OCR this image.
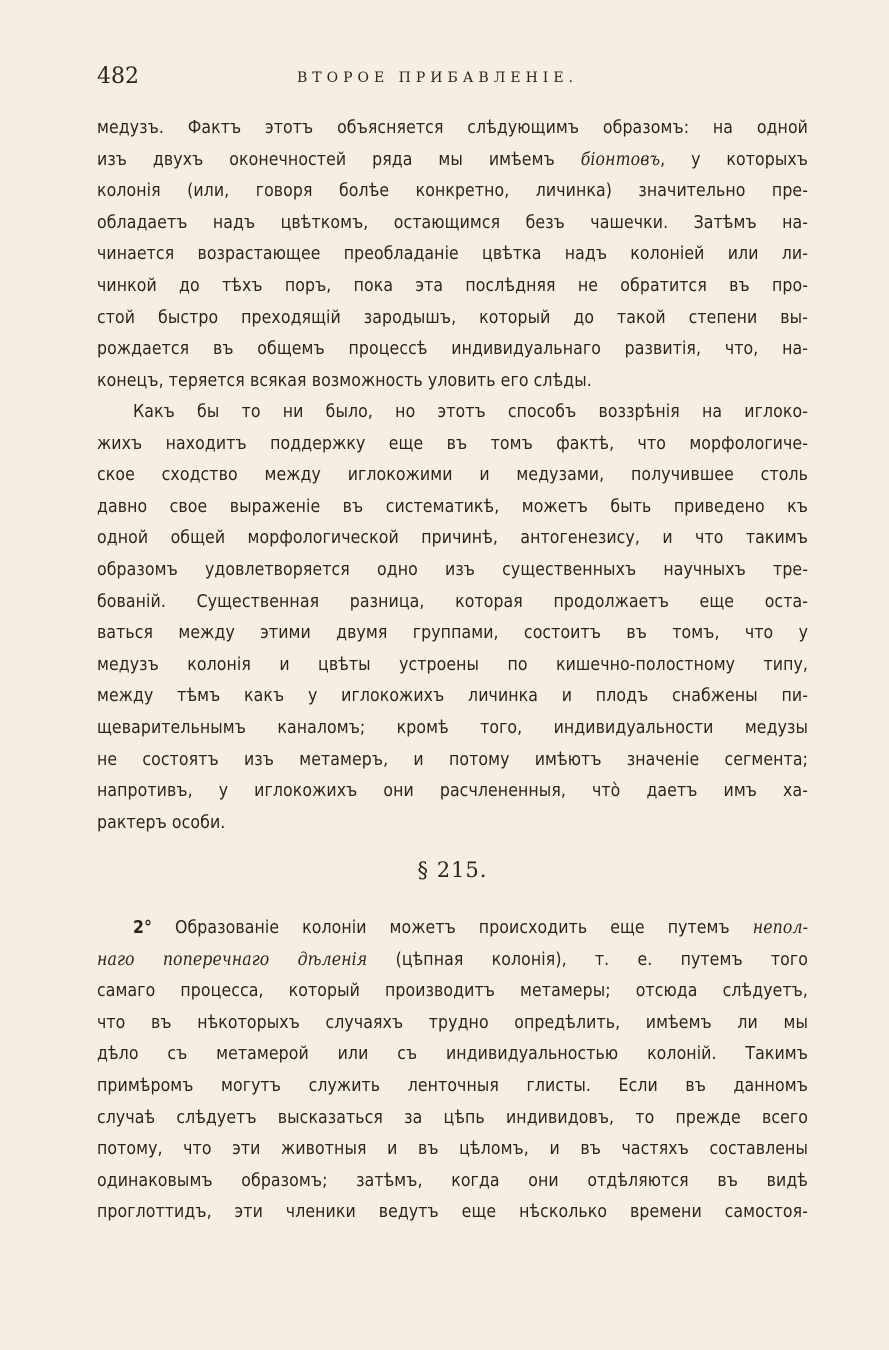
482	ВТОРОЕ ПРИБАВЛЕНІЕ.
медузъ. Фактъ этотъ объясняется слѣдующимъ образомъ: на одной
изъ двухъ оконечностей ряда мы имѣемъ біонтовъ, у которыхъ
колонія (или, говоря болѣе конкретно, личинка) значительно пре-
обладаетъ надъ цвѣткомъ, остающимся безъ чашечки. Затѣмъ на-
чинается возрастающее преобладаніе цвѣтка надъ колоніей или ли-
чинкой до тѣхъ поръ, пока эта послѣдняя не обратится въ про-
стой быстро преходящій зародышъ, который до такой степени вы-
рождается въ общемъ процессѣ индивидуальнаго развитія, что, на-
конецъ, теряется всякая возможность уловить его слѣды.
Какъ бы то ни было, но этотъ способъ воззрѣнія на иглоко-
жихъ находитъ поддержку еще въ томъ фактѣ, что морфологиче-
ское сходство между иглокожими и медузами, получившее столь
давно свое выраженіе въ систематикѣ, можетъ быть приведено къ
одной общей морфологической причинѣ, антогенезису, и что такимъ
образомъ удовлетворяется одно изъ существенныхъ научныхъ тре-
бованій. Существенная разница, которая продолжаетъ еще оста-
ваться между этими двумя группами, состоитъ въ томъ, что у
медузъ колонія и цвѣты устроены по кишечно-полостному типу,
между тѣмъ какъ у иглокожихъ личинка и плодъ снабжены пи-
щеварительнымъ каналомъ; кромѣ того, индивидуальности медузы
не состоятъ изъ метамеръ, и потому имѣютъ значеніе сегмента;
напротивъ, у иглокожихъ они расчлененныя, что̀ даетъ имъ ха-
рактеръ особи.
§ 215.
2° Образованіе колоніи можетъ происходить еще путемъ непол-
наго поперечнаго дѣленія (цѣпная колонія), т. е. путемъ того
самаго процесса, который производитъ метамеры; отсюда слѣдуетъ,
что въ нѣкоторыхъ случаяхъ трудно опредѣлить, имѣемъ ли мы
дѣло съ метамерой или съ индивидуальностью колоній. Такимъ
примѣромъ могутъ служить ленточныя глисты. Если въ данномъ
случаѣ слѣдуетъ высказаться за цѣпь индивидовъ, то прежде всего
потому, что эти животныя и въ цѣломъ, и въ частяхъ составлены
одинаковымъ образомъ; затѣмъ, когда они отдѣляются въ видѣ
проглоттидъ, эти членики ведутъ еще нѣсколько времени самостоя-
